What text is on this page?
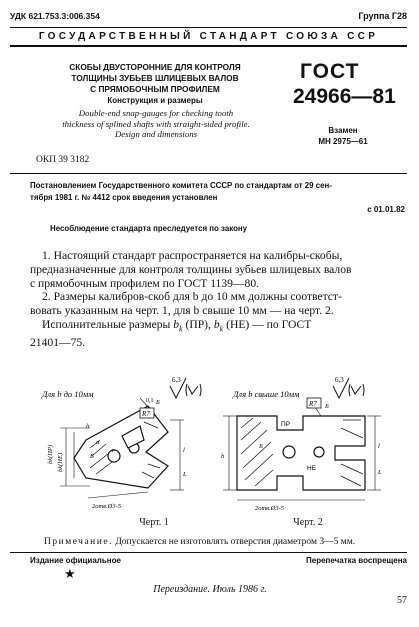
УДК 621.753.3:006.354	Группа Г28
ГОСУДАРСТВЕННЫЙ СТАНДАРТ СОЮЗА ССР
СКОБЫ ДВУСТОРОННИЕ ДЛЯ КОНТРОЛЯ
ТОЛЩИНЫ ЗУБЬЕВ ШЛИЦЕВЫХ ВАЛОВ
С ПРЯМОБОЧНЫМ ПРОФИЛЕМ
Конструкция и размеры
Double-end snap-gauges for checking tooth
thickness of splined shafts with straight-sided profile.
Design and dimensions
ГОСТ
24966—81
Взамен
МН 2975—61
ОКП 39 3182
Постановлением Государственного комитета СССР по стандартам от 29 сен-
тября 1981 г. № 4412 срок введения установлен
с 01.01.82
Несоблюдение стандарта преследуется по закону
1. Настоящий стандарт распространяется на калибры-скобы,
предназначенные для контроля толщины зубьев шлицевых валов
с прямобочным профилем по ГОСТ 1139—80.
2. Размеры калибров-скоб для b до 10 мм должны соответст-
вовать указанным на черт. 1, для b свыше 10 мм — на черт. 2.
Исполнительные размеры $b_k$ (ПР), $b_k$ (НЕ) — по ГОСТ
21401—75.
Для b до 10мм
6,3
R7
bk(ПР) bk(НЕ)
a
r
h
l
L
Б
Б
0,1
2отв.Ø3-5
Черт. 1
Для b свыше 10мм
6,3
R7
ПР
НЕ
h
l
L
Б
Б
2отв.Ø3-5
Черт. 2
Примечание. Допускается не изготовлять отверстия диаметром 3—5 мм.
Издание официальное	Перепечатка воспрещена
★
Переиздание. Июль 1986 г.
57
